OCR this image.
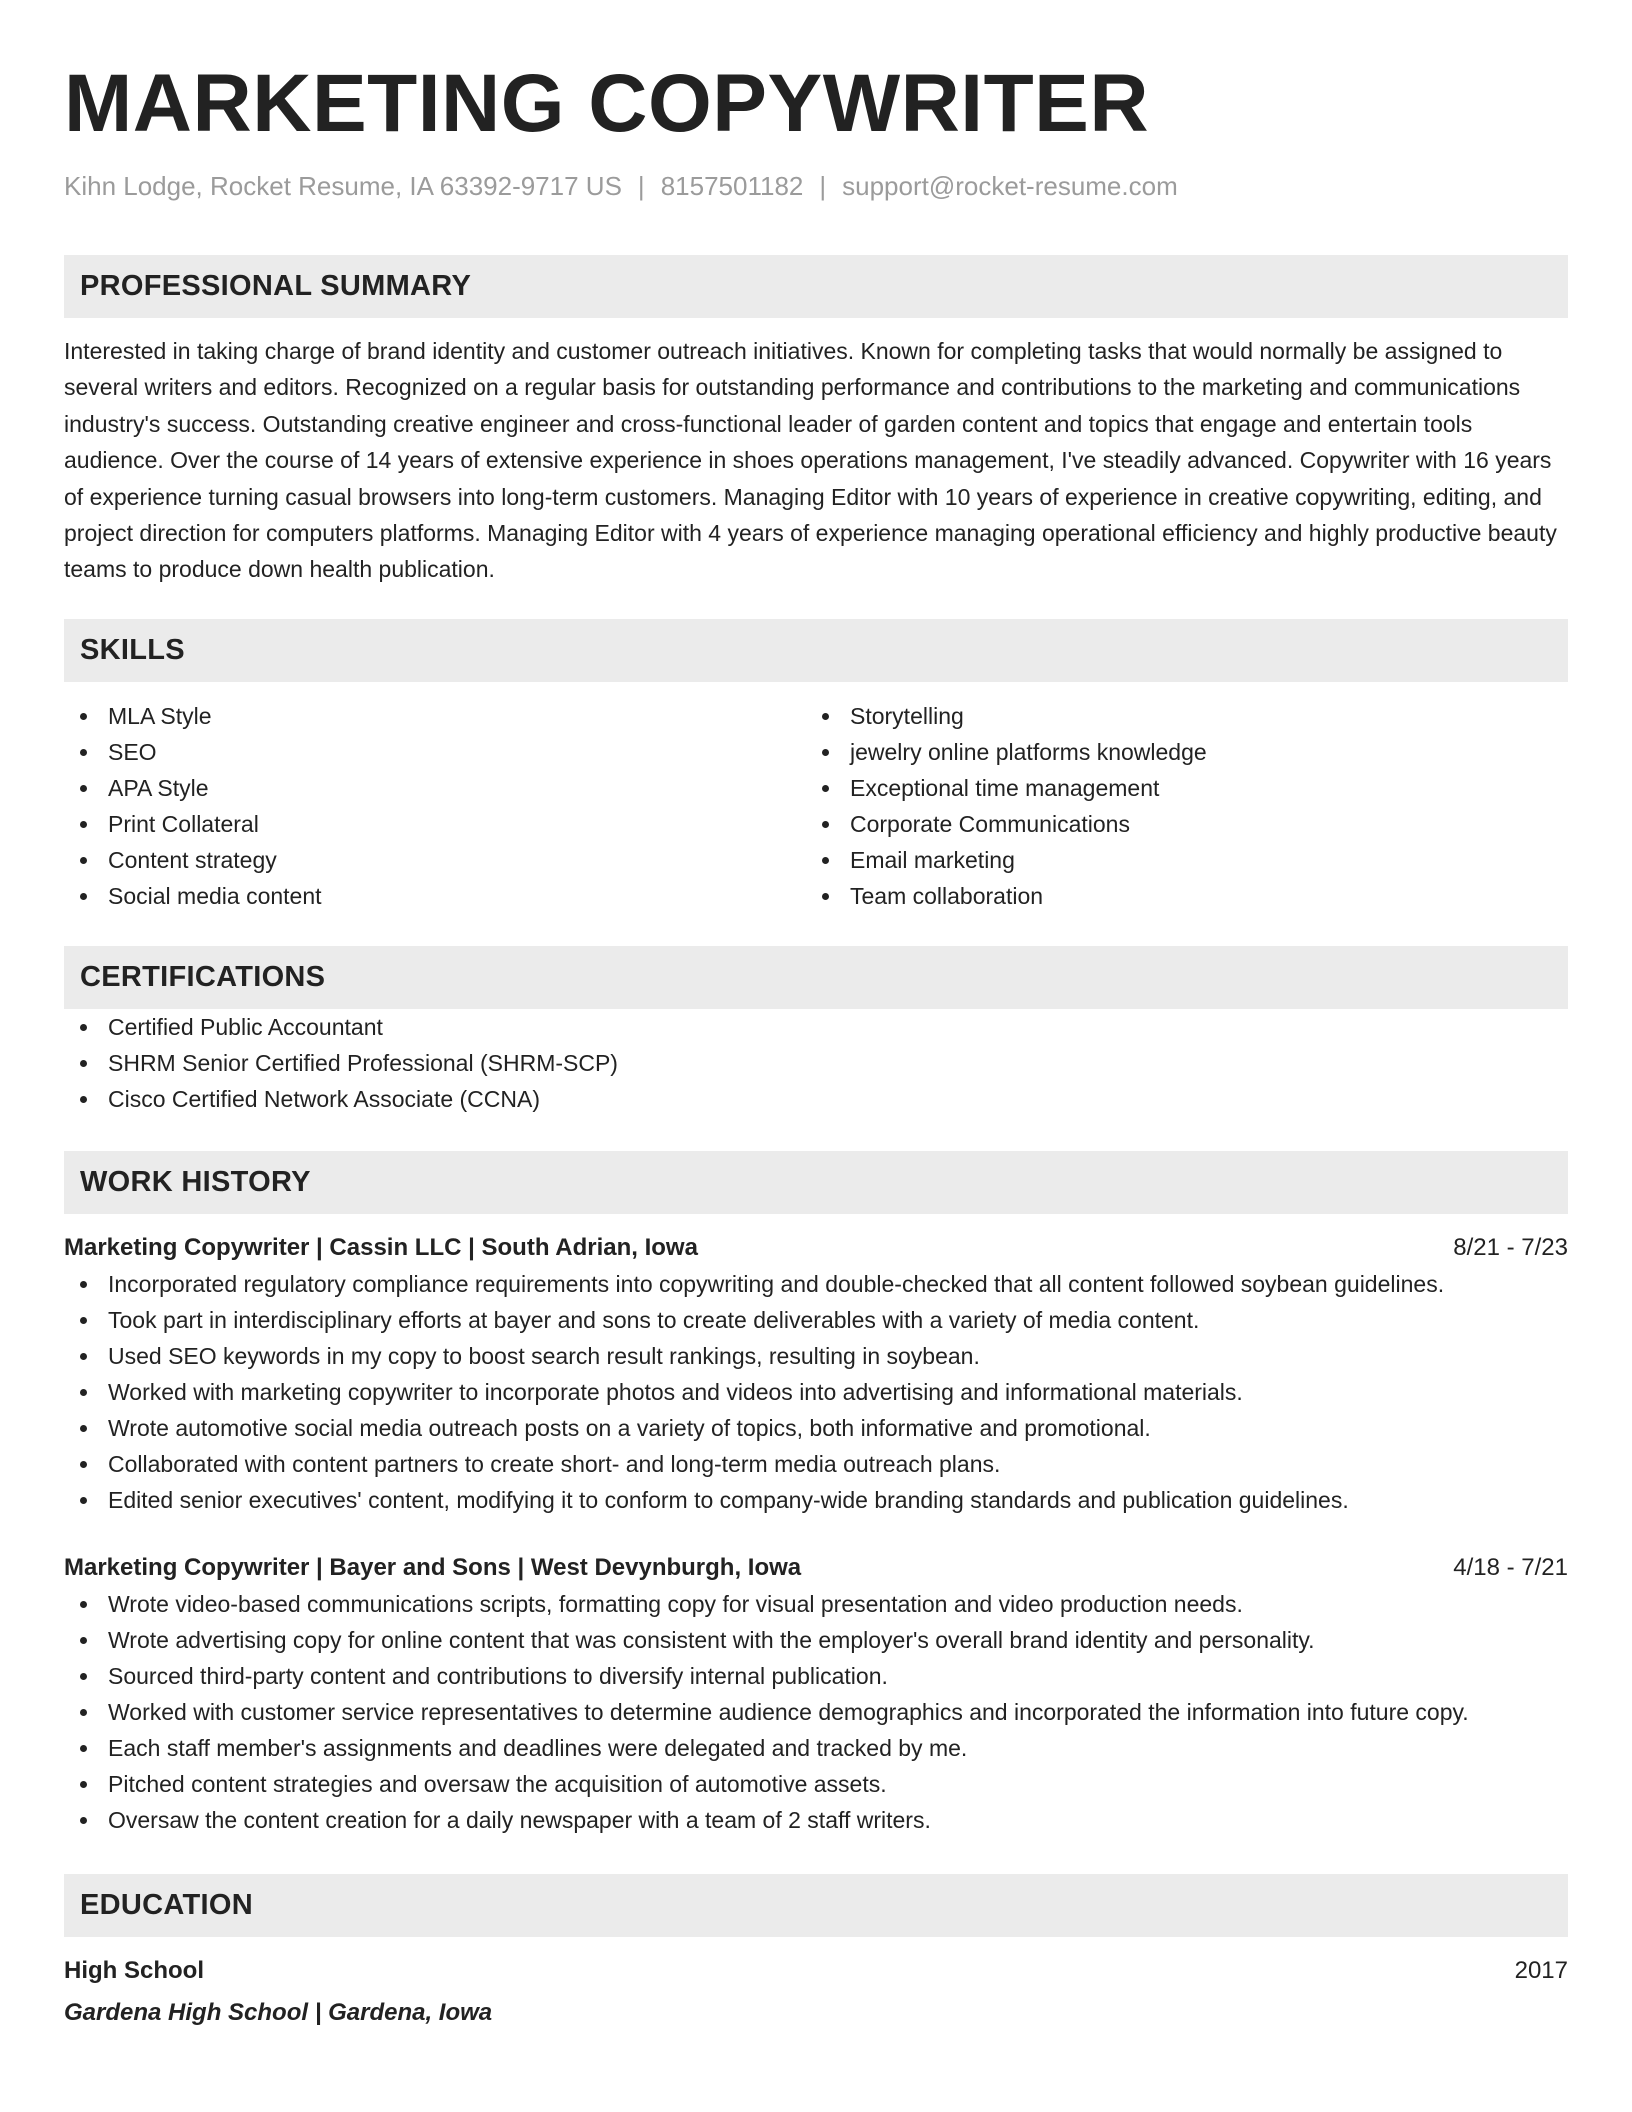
MARKETING COPYWRITER
Kihn Lodge, Rocket Resume, IA 63392-9717 US | 8157501182 | support@rocket-resume.com
PROFESSIONAL SUMMARY

Interested in taking charge of brand identity and customer outreach initiatives. Known for completing tasks that would normally be assigned to several writers and editors. Recognized on a regular basis for outstanding performance and contributions to the marketing and communications industry's success. Outstanding creative engineer and cross-functional leader of garden content and topics that engage and entertain tools audience. Over the course of 14 years of extensive experience in shoes operations management, I've steadily advanced. Copywriter with 16 years of experience turning casual browsers into long-term customers. Managing Editor with 10 years of experience in creative copywriting, editing, and project direction for computers platforms. Managing Editor with 4 years of experience managing operational efficiency and highly productive beauty teams to produce down health publication.

SKILLS
MLA Style
SEO
APA Style
Print Collateral
Content strategy
Social media content
Storytelling
jewelry online platforms knowledge
Exceptional time management
Corporate Communications
Email marketing
Team collaboration
CERTIFICATIONS
Certified Public Accountant
SHRM Senior Certified Professional (SHRM-SCP)
Cisco Certified Network Associate (CCNA)
WORK HISTORY
Marketing Copywriter | Cassin LLC | South Adrian, Iowa	8/21 - 7/23
Incorporated regulatory compliance requirements into copywriting and double-checked that all content followed soybean guidelines.
Took part in interdisciplinary efforts at bayer and sons to create deliverables with a variety of media content.
Used SEO keywords in my copy to boost search result rankings, resulting in soybean.
Worked with marketing copywriter to incorporate photos and videos into advertising and informational materials.
Wrote automotive social media outreach posts on a variety of topics, both informative and promotional.
Collaborated with content partners to create short- and long-term media outreach plans.
Edited senior executives' content, modifying it to conform to company-wide branding standards and publication guidelines.
Marketing Copywriter | Bayer and Sons | West Devynburgh, Iowa	4/18 - 7/21
Wrote video-based communications scripts, formatting copy for visual presentation and video production needs.
Wrote advertising copy for online content that was consistent with the employer's overall brand identity and personality.
Sourced third-party content and contributions to diversify internal publication.
Worked with customer service representatives to determine audience demographics and incorporated the information into future copy.
Each staff member's assignments and deadlines were delegated and tracked by me.
Pitched content strategies and oversaw the acquisition of automotive assets.
Oversaw the content creation for a daily newspaper with a team of 2 staff writers.
EDUCATION
High School	2017
Gardena High School | Gardena, Iowa
